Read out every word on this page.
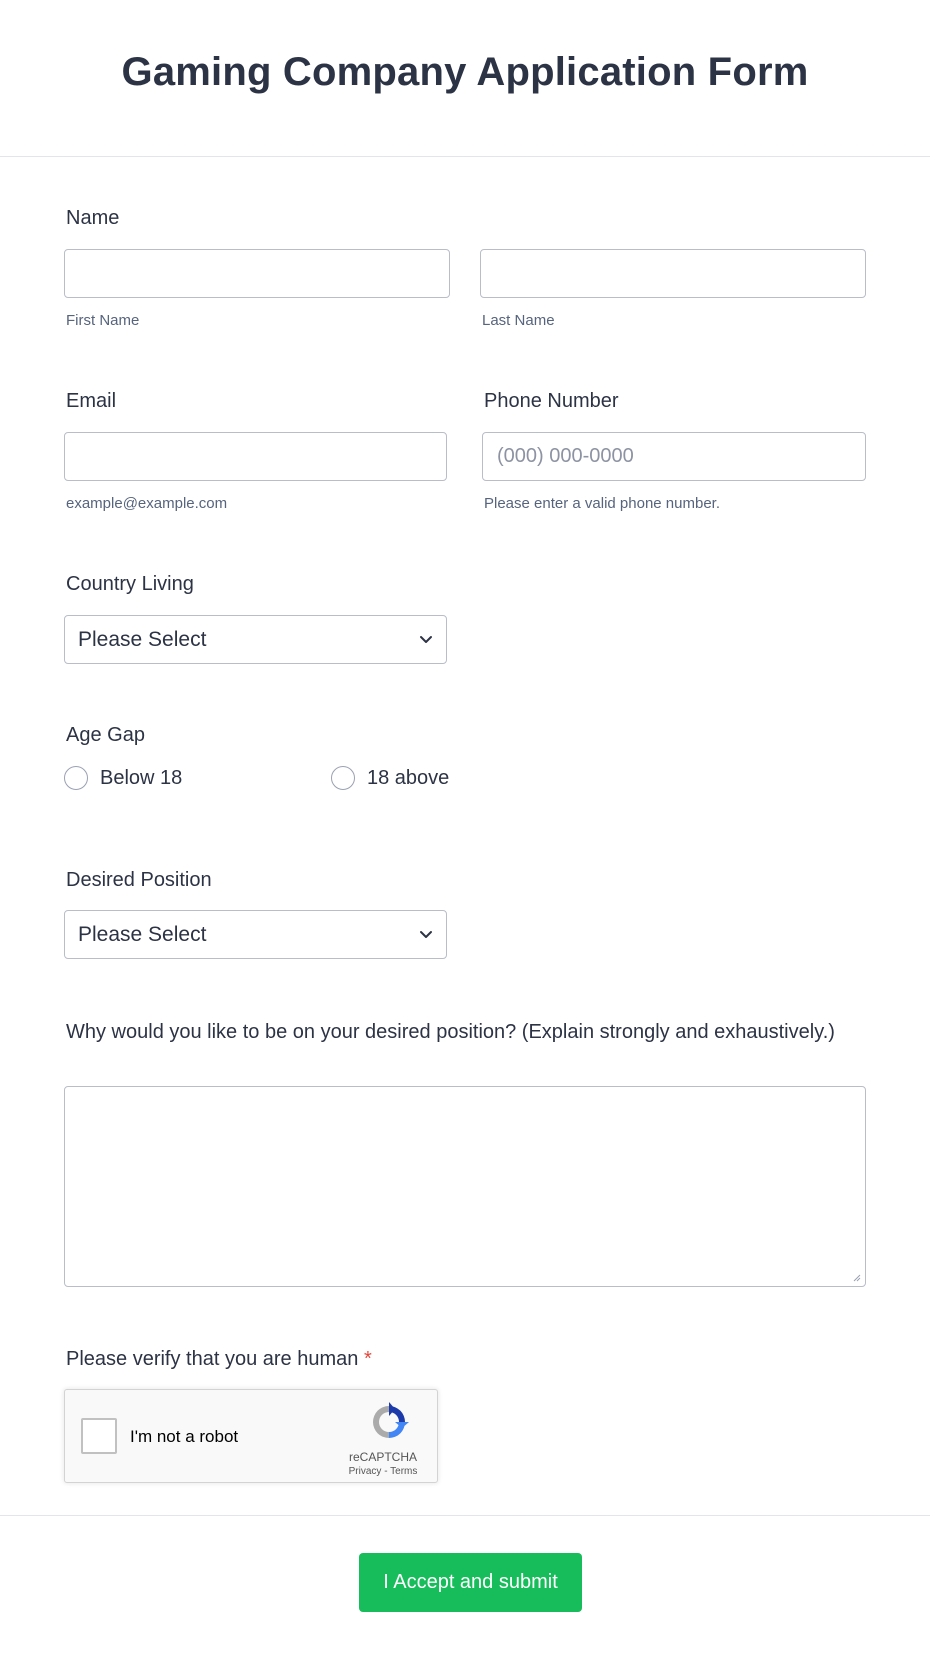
Gaming Company Application Form
Name
First Name	Last Name
Email
example@example.com
Phone Number
(000) 000-0000
Please enter a valid phone number.
Country Living
Please Select
Age Gap
Below 18	18 above
Desired Position
Please Select
Why would you like to be on your desired position? (Explain strongly and exhaustively.)
Please verify that you are human *
I'm not a robot
reCAPTCHA
Privacy - Terms
I Accept and submit
